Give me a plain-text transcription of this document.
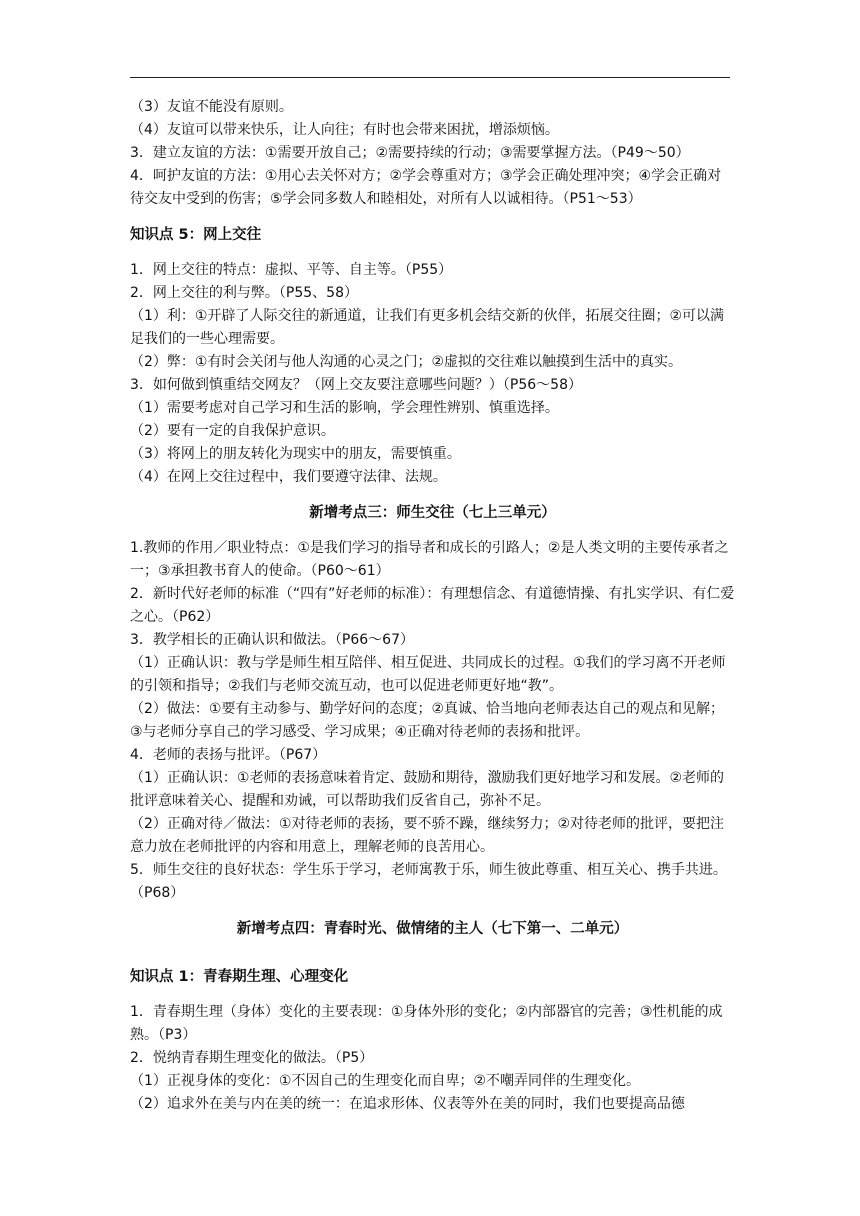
（3）友谊不能没有原则。
（4）友谊可以带来快乐，让人向往；有时也会带来困扰，增添烦恼。
3．建立友谊的方法：①需要开放自己；②需要持续的行动；③需要掌握方法。（P49～50）
4．呵护友谊的方法：①用心去关怀对方；②学会尊重对方；③学会正确处理冲突；④学会正确对待交友中受到的伤害；⑤学会同多数人和睦相处，对所有人以诚相待。（P51～53）
知识点 5：网上交往
1．网上交往的特点：虚拟、平等、自主等。（P55）
2．网上交往的利与弊。（P55、58）
（1）利：①开辟了人际交往的新通道，让我们有更多机会结交新的伙伴，拓展交往圈；②可以满足我们的一些心理需要。
（2）弊：①有时会关闭与他人沟通的心灵之门；②虚拟的交往难以触摸到生活中的真实。
3．如何做到慎重结交网友？（网上交友要注意哪些问题？）（P56～58）
（1）需要考虑对自己学习和生活的影响，学会理性辨别、慎重选择。
（2）要有一定的自我保护意识。
（3）将网上的朋友转化为现实中的朋友，需要慎重。
（4）在网上交往过程中，我们要遵守法律、法规。
新增考点三：师生交往（七上三单元）
1.教师的作用／职业特点：①是我们学习的指导者和成长的引路人；②是人类文明的主要传承者之一；③承担教书育人的使命。（P60～61）
2．新时代好老师的标准（“四有”好老师的标准）：有理想信念、有道德情操、有扎实学识、有仁爱之心。（P62）
3．教学相长的正确认识和做法。（P66～67）
（1）正确认识：教与学是师生相互陪伴、相互促进、共同成长的过程。①我们的学习离不开老师的引领和指导；②我们与老师交流互动，也可以促进老师更好地“教”。
（2）做法：①要有主动参与、勤学好问的态度；②真诚、恰当地向老师表达自己的观点和见解；③与老师分享自己的学习感受、学习成果；④正确对待老师的表扬和批评。
4．老师的表扬与批评。（P67）
（1）正确认识：①老师的表扬意味着肯定、鼓励和期待，激励我们更好地学习和发展。②老师的批评意味着关心、提醒和劝诫，可以帮助我们反省自己，弥补不足。
（2）正确对待／做法：①对待老师的表扬，要不骄不躁，继续努力；②对待老师的批评，要把注意力放在老师批评的内容和用意上，理解老师的良苦用心。
5．师生交往的良好状态：学生乐于学习，老师寓教于乐，师生彼此尊重、相互关心、携手共进。（P68）
新增考点四：青春时光、做情绪的主人（七下第一、二单元）
知识点 1：青春期生理、心理变化
1．青春期生理（身体）变化的主要表现：①身体外形的变化；②内部器官的完善；③性机能的成熟。（P3）
2．悦纳青春期生理变化的做法。（P5）
（1）正视身体的变化：①不因自己的生理变化而自卑；②不嘲弄同伴的生理变化。
（2）追求外在美与内在美的统一：在追求形体、仪表等外在美的同时，我们也要提高品德
